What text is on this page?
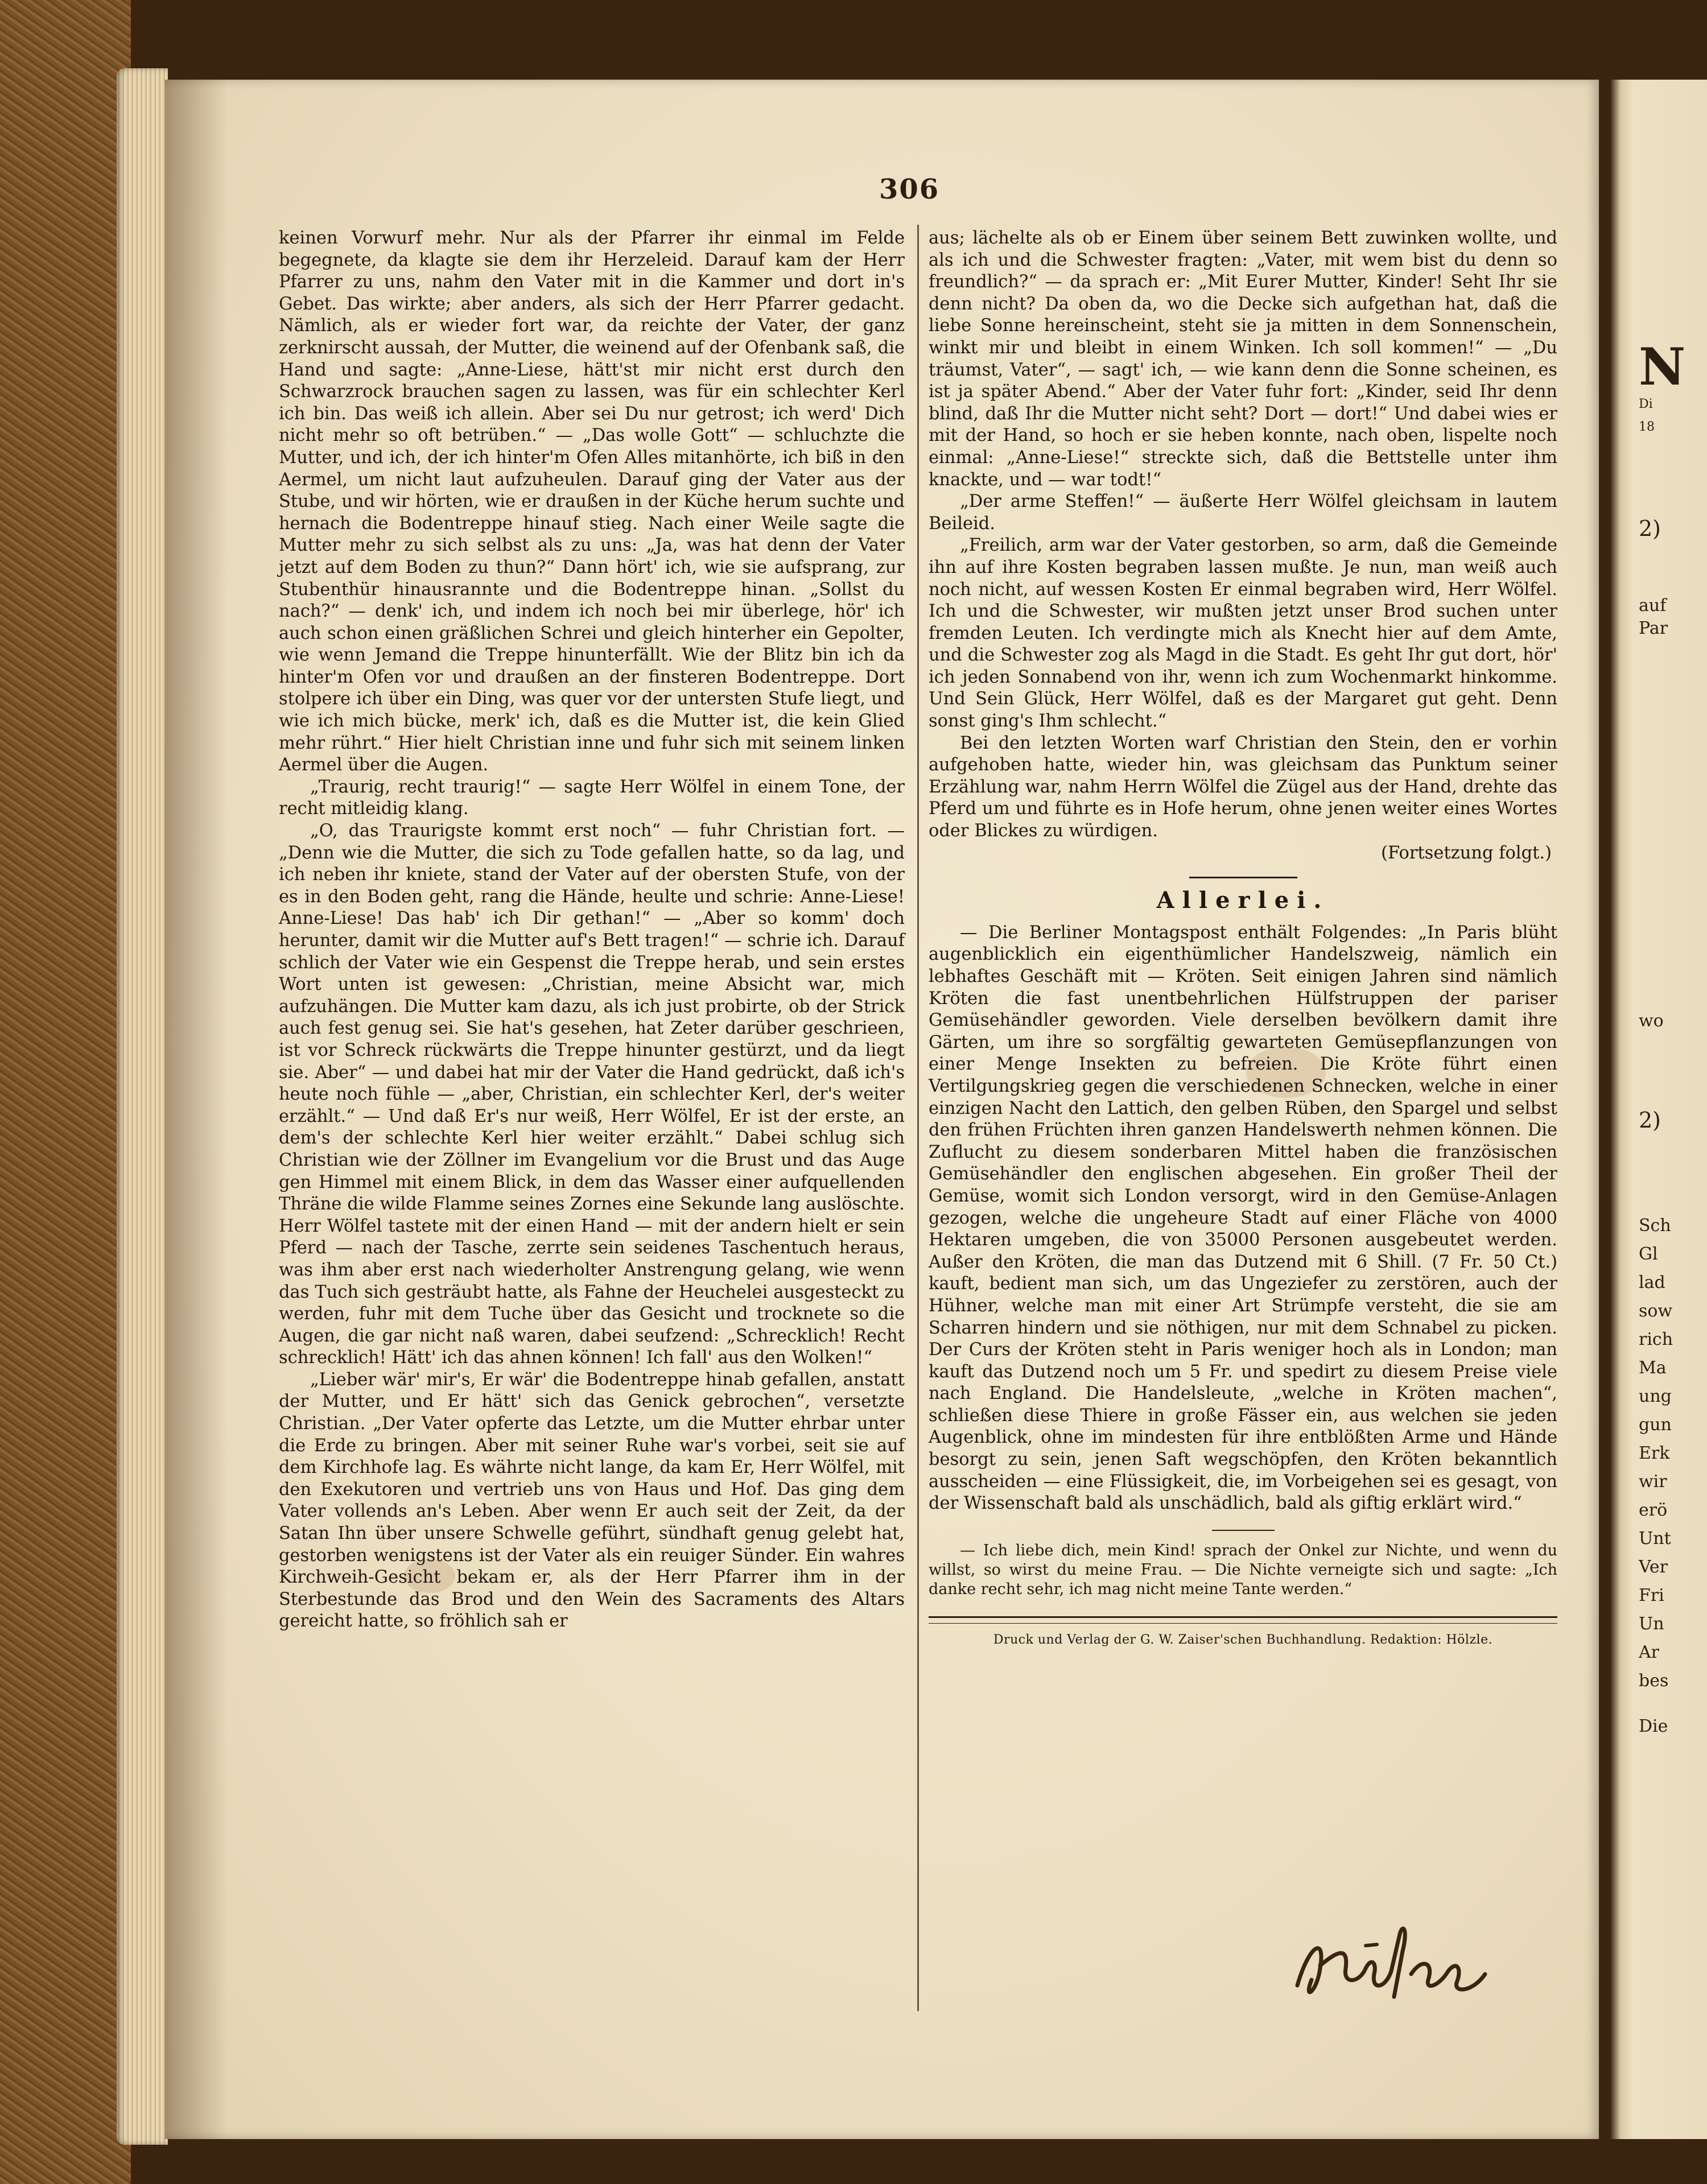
N
Di
18
2)
auf
Par
wo
2)
Sch
Gl
lad
sow
rich
Ma
ung
gun
Erk
wir
erö
Unt
Ver
Fri
Un
Ar
bes
Die
306

keinen Vorwurf mehr. Nur als der Pfarrer ihr einmal im Felde begegnete, da klagte sie dem ihr Herzeleid. Darauf kam der Herr Pfarrer zu uns, nahm den Vater mit in die Kammer und dort in's Gebet. Das wirkte; aber anders, als sich der Herr Pfarrer gedacht. Nämlich, als er wieder fort war, da reichte der Vater, der ganz zerknirscht aussah, der Mutter, die weinend auf der Ofenbank saß, die Hand und sagte: „Anne-Liese, hätt'st mir nicht erst durch den Schwarzrock brauchen sagen zu lassen, was für ein schlechter Kerl ich bin. Das weiß ich allein. Aber sei Du nur getrost; ich werd' Dich nicht mehr so oft betrüben.“ — „Das wolle Gott“ — schluchzte die Mutter, und ich, der ich hinter'm Ofen Alles mitanhörte, ich biß in den Aermel, um nicht laut aufzuheulen. Darauf ging der Vater aus der Stube, und wir hörten, wie er draußen in der Küche herum suchte und hernach die Bodentreppe hinauf stieg. Nach einer Weile sagte die Mutter mehr zu sich selbst als zu uns: „Ja, was hat denn der Vater jetzt auf dem Boden zu thun?“ Dann hört' ich, wie sie aufsprang, zur Stubenthür hinausrannte und die Bodentreppe hinan. „Sollst du nach?“ — denk' ich, und indem ich noch bei mir überlege, hör' ich auch schon einen gräßlichen Schrei und gleich hinterher ein Gepolter, wie wenn Jemand die Treppe hinunterfällt. Wie der Blitz bin ich da hinter'm Ofen vor und draußen an der finsteren Bodentreppe. Dort stolpere ich über ein Ding, was quer vor der untersten Stufe liegt, und wie ich mich bücke, merk' ich, daß es die Mutter ist, die kein Glied mehr rührt.“ Hier hielt Christian inne und fuhr sich mit seinem linken Aermel über die Augen.

„Traurig, recht traurig!“ — sagte Herr Wölfel in einem Tone, der recht mitleidig klang.

„O, das Traurigste kommt erst noch“ — fuhr Christian fort. — „Denn wie die Mutter, die sich zu Tode gefallen hatte, so da lag, und ich neben ihr kniete, stand der Vater auf der obersten Stufe, von der es in den Boden geht, rang die Hände, heulte und schrie: Anne-Liese! Anne-Liese! Das hab' ich Dir gethan!“ — „Aber so komm' doch herunter, damit wir die Mutter auf's Bett tragen!“ — schrie ich. Darauf schlich der Vater wie ein Gespenst die Treppe herab, und sein erstes Wort unten ist gewesen: „Christian, meine Absicht war, mich aufzuhängen. Die Mutter kam dazu, als ich just probirte, ob der Strick auch fest genug sei. Sie hat's gesehen, hat Zeter darüber geschrieen, ist vor Schreck rückwärts die Treppe hinunter gestürzt, und da liegt sie. Aber“ — und dabei hat mir der Vater die Hand gedrückt, daß ich's heute noch fühle — „aber, Christian, ein schlechter Kerl, der's weiter erzählt.“ — Und daß Er's nur weiß, Herr Wölfel, Er ist der erste, an dem's der schlechte Kerl hier weiter erzählt.“ Dabei schlug sich Christian wie der Zöllner im Evangelium vor die Brust und das Auge gen Himmel mit einem Blick, in dem das Wasser einer aufquellenden Thräne die wilde Flamme seines Zornes eine Sekunde lang auslöschte. Herr Wölfel tastete mit der einen Hand — mit der andern hielt er sein Pferd — nach der Tasche, zerrte sein seidenes Taschentuch heraus, was ihm aber erst nach wiederholter Anstrengung gelang, wie wenn das Tuch sich gesträubt hatte, als Fahne der Heuchelei ausgesteckt zu werden, fuhr mit dem Tuche über das Gesicht und trocknete so die Augen, die gar nicht naß waren, dabei seufzend: „Schrecklich! Recht schrecklich! Hätt' ich das ahnen können! Ich fall' aus den Wolken!“

„Lieber wär' mir's, Er wär' die Bodentreppe hinab gefallen, anstatt der Mutter, und Er hätt' sich das Genick gebrochen“, versetzte Christian. „Der Vater opferte das Letzte, um die Mutter ehrbar unter die Erde zu bringen. Aber mit seiner Ruhe war's vorbei, seit sie auf dem Kirchhofe lag. Es währte nicht lange, da kam Er, Herr Wölfel, mit den Exekutoren und vertrieb uns von Haus und Hof. Das ging dem Vater vollends an's Leben. Aber wenn Er auch seit der Zeit, da der Satan Ihn über unsere Schwelle geführt, sündhaft genug gelebt hat, gestorben wenigstens ist der Vater als ein reuiger Sünder. Ein wahres Kirchweih-Gesicht bekam er, als der Herr Pfarrer ihm in der Sterbestunde das Brod und den Wein des Sacraments des Altars gereicht hatte, so fröhlich sah er

aus; lächelte als ob er Einem über seinem Bett zuwinken wollte, und als ich und die Schwester fragten: „Vater, mit wem bist du denn so freundlich?“ — da sprach er: „Mit Eurer Mutter, Kinder! Seht Ihr sie denn nicht? Da oben da, wo die Decke sich aufgethan hat, daß die liebe Sonne hereinscheint, steht sie ja mitten in dem Sonnenschein, winkt mir und bleibt in einem Winken. Ich soll kommen!“ — „Du träumst, Vater“, — sagt' ich, — wie kann denn die Sonne scheinen, es ist ja später Abend.“ Aber der Vater fuhr fort: „Kinder, seid Ihr denn blind, daß Ihr die Mutter nicht seht? Dort — dort!“ Und dabei wies er mit der Hand, so hoch er sie heben konnte, nach oben, lispelte noch einmal: „Anne-Liese!“ streckte sich, daß die Bettstelle unter ihm knackte, und — war todt!“

„Der arme Steffen!“ — äußerte Herr Wölfel gleichsam in lautem Beileid.

„Freilich, arm war der Vater gestorben, so arm, daß die Gemeinde ihn auf ihre Kosten begraben lassen mußte. Je nun, man weiß auch noch nicht, auf wessen Kosten Er einmal begraben wird, Herr Wölfel. Ich und die Schwester, wir mußten jetzt unser Brod suchen unter fremden Leuten. Ich verdingte mich als Knecht hier auf dem Amte, und die Schwester zog als Magd in die Stadt. Es geht Ihr gut dort, hör' ich jeden Sonnabend von ihr, wenn ich zum Wochenmarkt hinkomme. Und Sein Glück, Herr Wölfel, daß es der Margaret gut geht. Denn sonst ging's Ihm schlecht.“

Bei den letzten Worten warf Christian den Stein, den er vorhin aufgehoben hatte, wieder hin, was gleichsam das Punktum seiner Erzählung war, nahm Herrn Wölfel die Zügel aus der Hand, drehte das Pferd um und führte es in Hofe herum, ohne jenen weiter eines Wortes oder Blickes zu würdigen.

(Fortsetzung folgt.)

Allerlei.

— Die Berliner Montagspost enthält Folgendes: „In Paris blüht augenblicklich ein eigenthümlicher Handelszweig, nämlich ein lebhaftes Geschäft mit — Kröten. Seit einigen Jahren sind nämlich Kröten die fast unentbehrlichen Hülfstruppen der pariser Gemüsehändler geworden. Viele derselben bevölkern damit ihre Gärten, um ihre so sorgfältig gewarteten Gemüsepflanzungen von einer Menge Insekten zu befreien. Die Kröte führt einen Vertilgungskrieg gegen die verschiedenen Schnecken, welche in einer einzigen Nacht den Lattich, den gelben Rüben, den Spargel und selbst den frühen Früchten ihren ganzen Handelswerth nehmen können. Die Zuflucht zu diesem sonderbaren Mittel haben die französischen Gemüsehändler den englischen abgesehen. Ein großer Theil der Gemüse, womit sich London versorgt, wird in den Gemüse-Anlagen gezogen, welche die ungeheure Stadt auf einer Fläche von 4000 Hektaren umgeben, die von 35000 Personen ausgebeutet werden. Außer den Kröten, die man das Dutzend mit 6 Shill. (7 Fr. 50 Ct.) kauft, bedient man sich, um das Ungeziefer zu zerstören, auch der Hühner, welche man mit einer Art Strümpfe versteht, die sie am Scharren hindern und sie nöthigen, nur mit dem Schnabel zu picken. Der Curs der Kröten steht in Paris weniger hoch als in London; man kauft das Dutzend noch um 5 Fr. und spedirt zu diesem Preise viele nach England. Die Handelsleute, „welche in Kröten machen“, schließen diese Thiere in große Fässer ein, aus welchen sie jeden Augenblick, ohne im mindesten für ihre entblößten Arme und Hände besorgt zu sein, jenen Saft wegschöpfen, den Kröten bekanntlich ausscheiden — eine Flüssigkeit, die, im Vorbeigehen sei es gesagt, von der Wissenschaft bald als unschädlich, bald als giftig erklärt wird.“

— Ich liebe dich, mein Kind! sprach der Onkel zur Nichte, und wenn du willst, so wirst du meine Frau. — Die Nichte verneigte sich und sagte: „Ich danke recht sehr, ich mag nicht meine Tante werden.“

Druck und Verlag der G. W. Zaiser'schen Buchhandlung. Redaktion: Hölzle.
